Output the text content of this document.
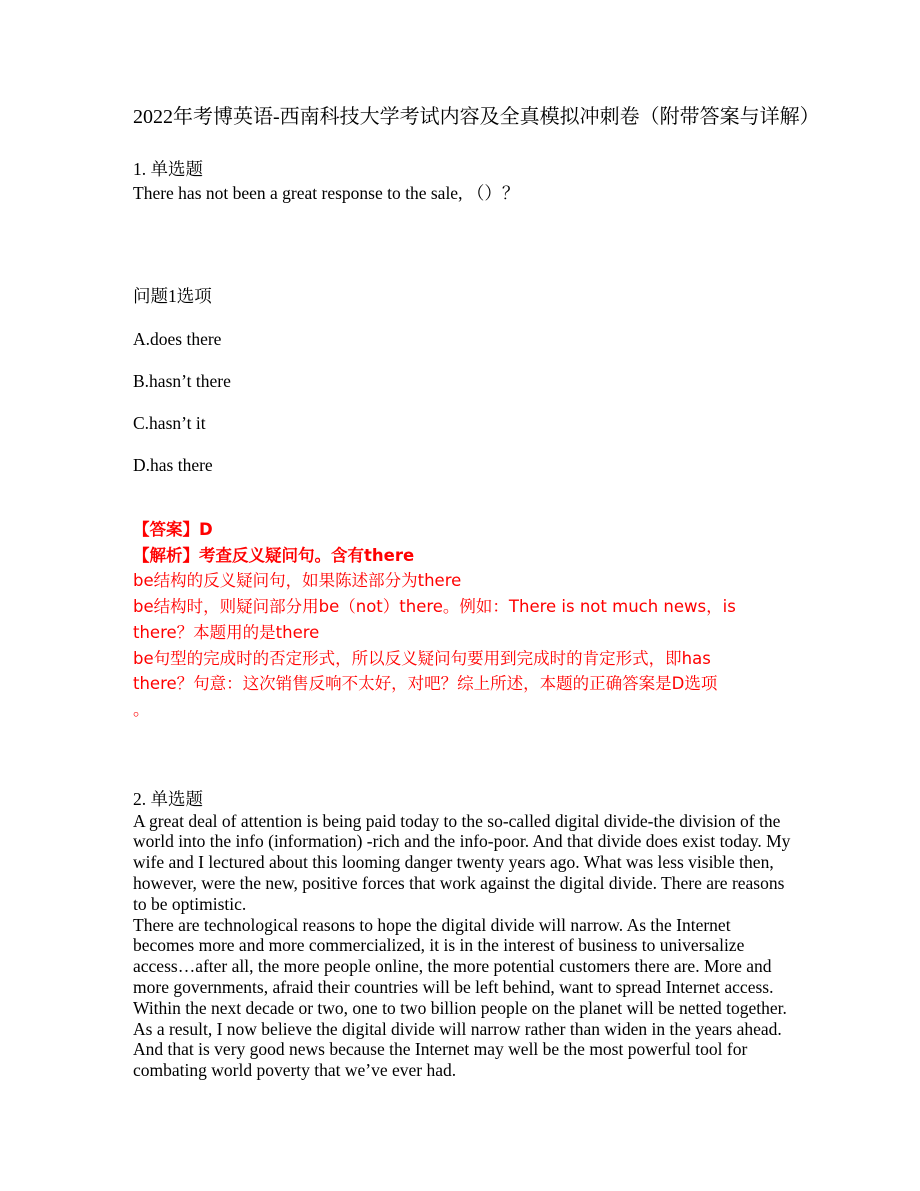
2022年考博英语-西南科技大学考试内容及全真模拟冲刺卷（附带答案与详解）
1. 单选题
There has not been a great response to the sale, （）？
问题1选项
A.does there
B.hasn’t there
C.hasn’t it
D.has there
【答案】D
【解析】考查反义疑问句。含有there
be结构的反义疑问句，如果陈述部分为there
be结构时，则疑问部分用be（not）there。例如：There is not much news，is
there？本题用的是there
be句型的完成时的否定形式，所以反义疑问句要用到完成时的肯定形式，即has
there？句意：这次销售反响不太好，对吧？综上所述，本题的正确答案是D选项
。
2. 单选题

A great deal of attention is being paid today to the so-called digital divide-the division of the world into the info (information) -rich and the info-poor. And that divide does exist today. My wife and I lectured about this looming danger twenty years ago. What was less visible then, however, were the new, positive forces that work against the digital divide. There are reasons to be optimistic.

There are technological reasons to hope the digital divide will narrow. As the Internet becomes more and more commercialized, it is in the interest of business to universalize access…after all, the more people online, the more potential customers there are. More and more governments, afraid their countries will be left behind, want to spread Internet access. Within the next decade or two, one to two billion people on the planet will be netted together. As a result, I now believe the digital divide will narrow rather than widen in the years ahead. And that is very good news because the Internet may well be the most powerful tool for combating world poverty that we’ve ever had.
